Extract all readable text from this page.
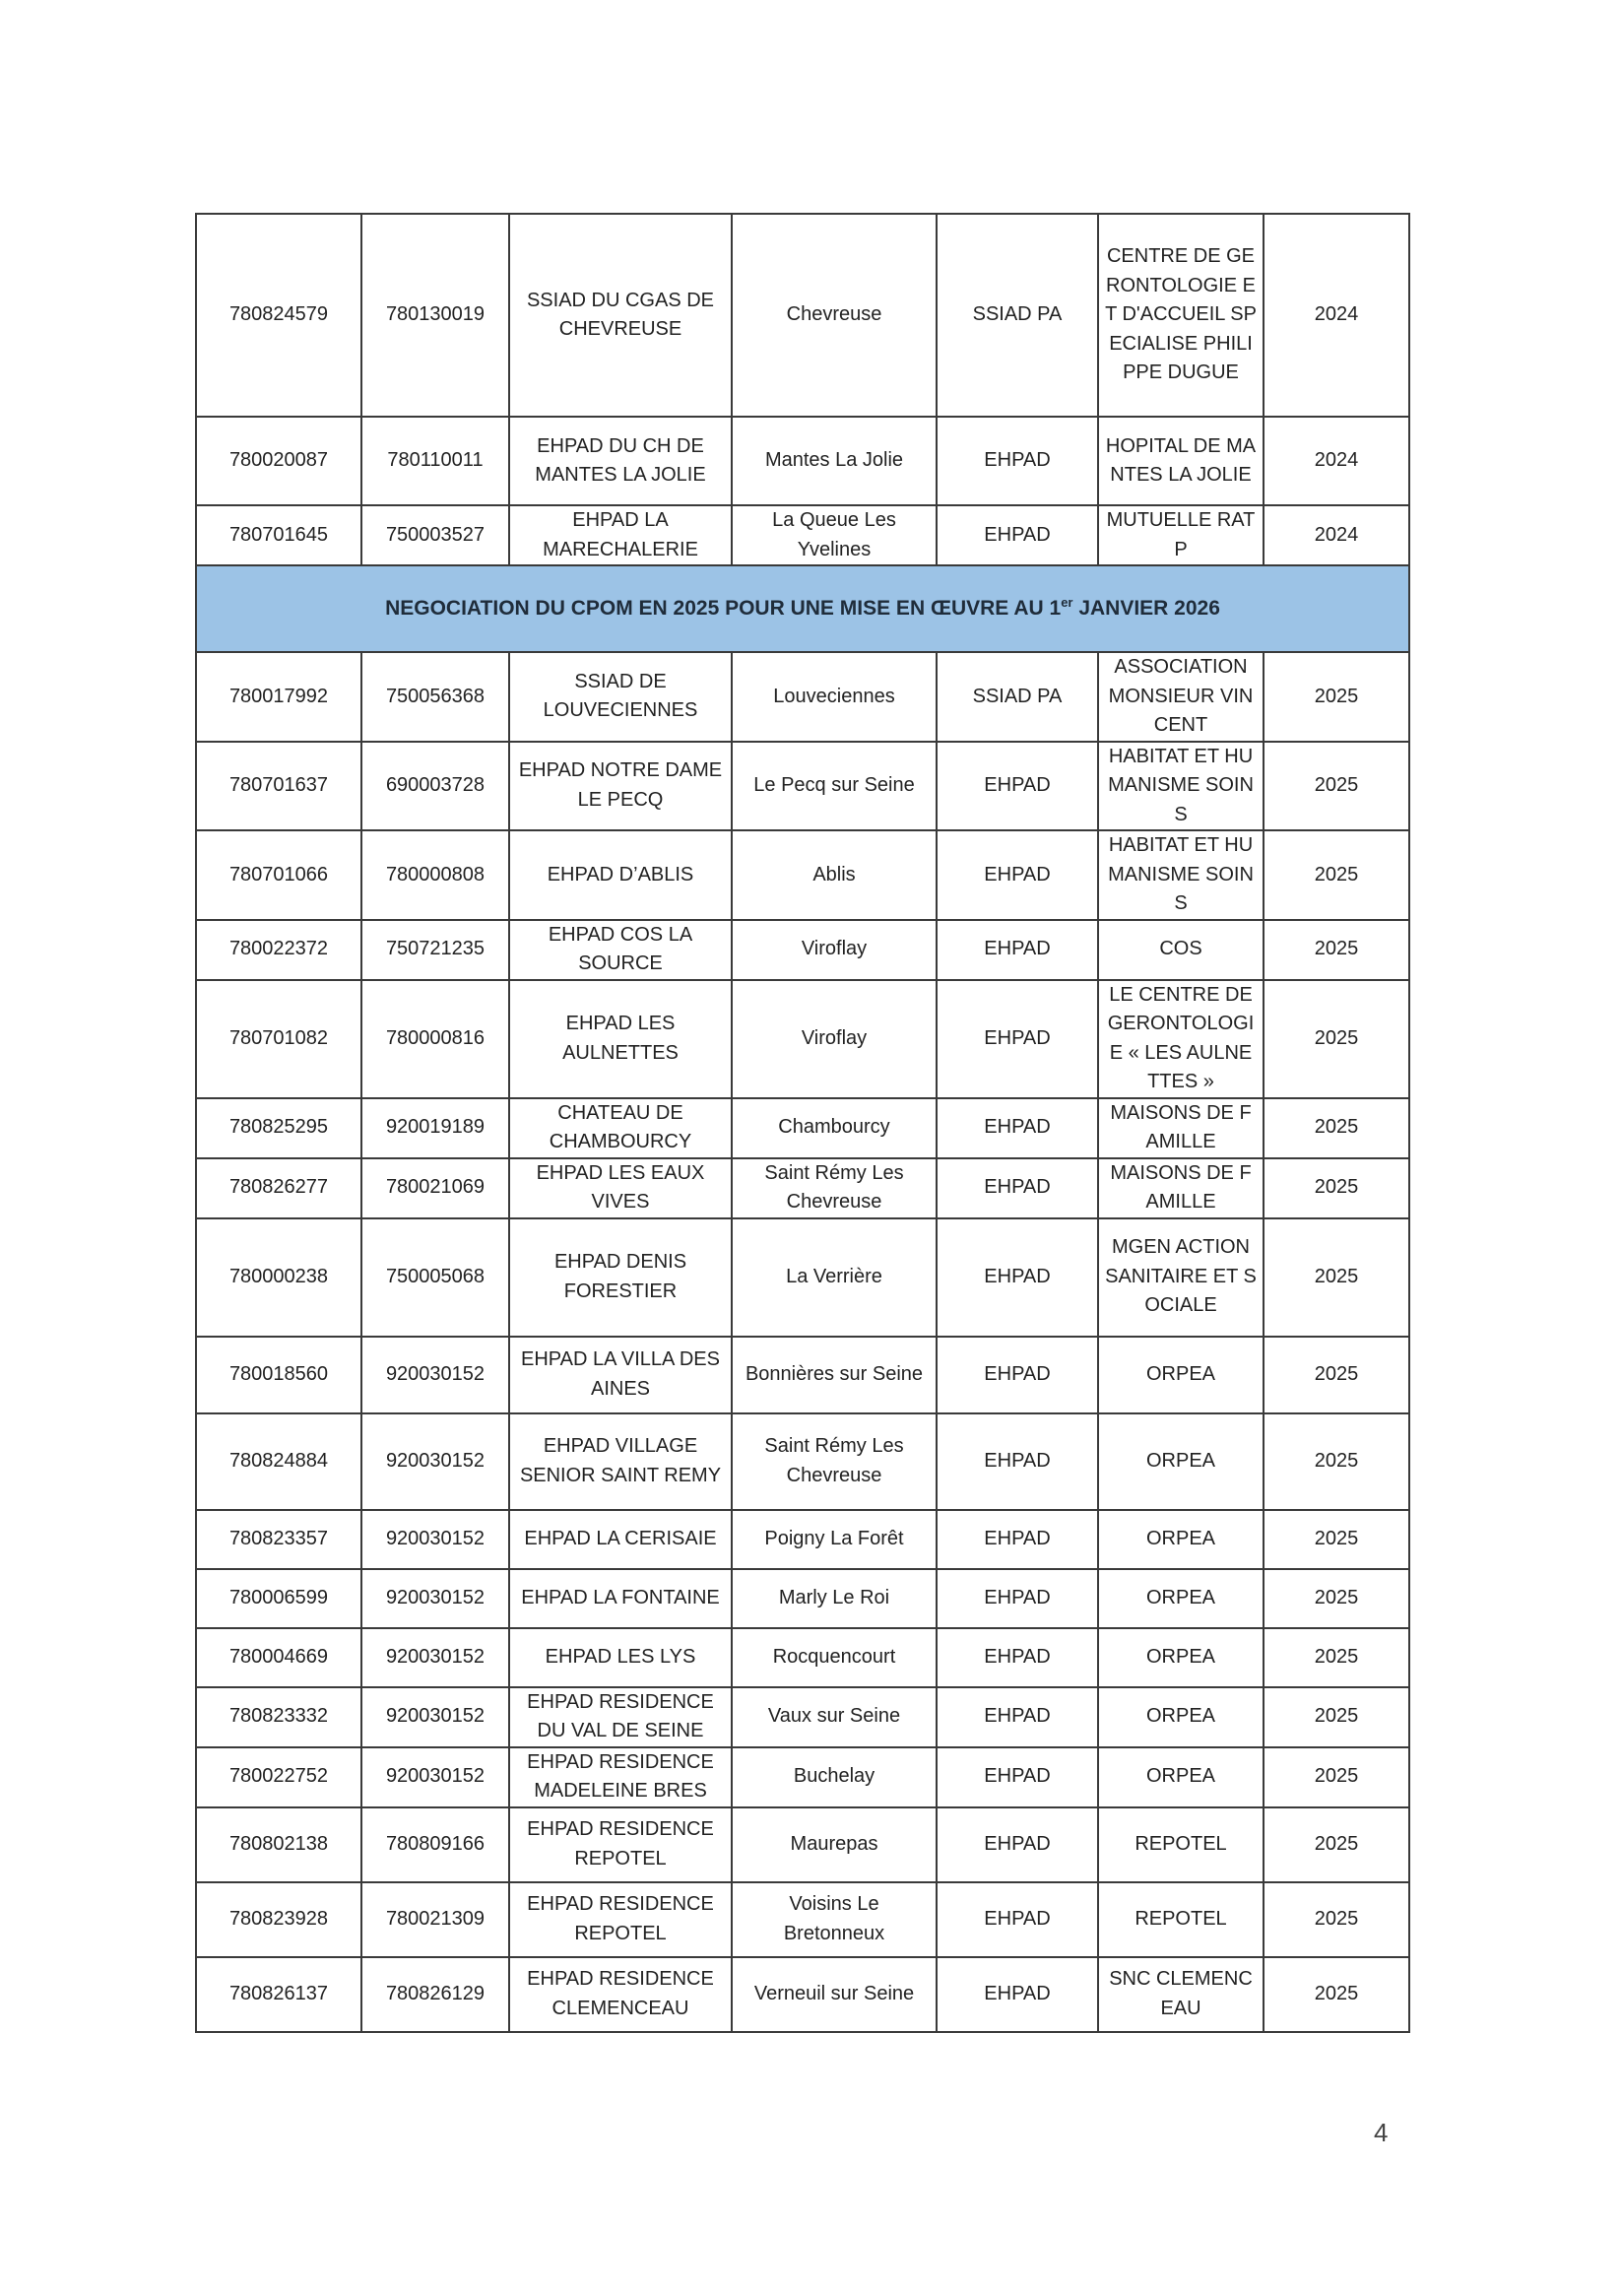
780824579	780130019	SSIAD DU CGAS DE CHEVREUSE	Chevreuse	SSIAD PA	CENTRE DE GERONTOLOGIE ET D'ACCUEIL SPECIALISE PHILIPPE DUGUE	2024
780020087	780110011	EHPAD DU CH DE MANTES LA JOLIE	Mantes La Jolie	EHPAD	HOPITAL DE MANTES LA JOLIE	2024
780701645	750003527	EHPAD LA MARECHALERIE	La Queue Les Yvelines	EHPAD	MUTUELLE RATP	2024
NEGOCIATION DU CPOM EN 2025 POUR UNE MISE EN ŒUVRE AU 1er JANVIER 2026						
780017992	750056368	SSIAD DE LOUVECIENNES	Louveciennes	SSIAD PA	ASSOCIATION MONSIEUR VINCENT	2025
780701637	690003728	EHPAD NOTRE DAME LE PECQ	Le Pecq sur Seine	EHPAD	HABITAT ET HUMANISME SOINS	2025
780701066	780000808	EHPAD D’ABLIS	Ablis	EHPAD	HABITAT ET HUMANISME SOINS	2025
780022372	750721235	EHPAD COS LA SOURCE	Viroflay	EHPAD	COS	2025
780701082	780000816	EHPAD LES AULNETTES	Viroflay	EHPAD	LE CENTRE DE GERONTOLOGIE « LES AULNETTES »	2025
780825295	920019189	CHATEAU DE CHAMBOURCY	Chambourcy	EHPAD	MAISONS DE FAMILLE	2025
780826277	780021069	EHPAD LES EAUX VIVES	Saint Rémy Les Chevreuse	EHPAD	MAISONS DE FAMILLE	2025
780000238	750005068	EHPAD DENIS FORESTIER	La Verrière	EHPAD	MGEN ACTION SANITAIRE ET SOCIALE	2025
780018560	920030152	EHPAD LA VILLA DES AINES	Bonnières sur Seine	EHPAD	ORPEA	2025
780824884	920030152	EHPAD VILLAGE SENIOR SAINT REMY	Saint Rémy Les Chevreuse	EHPAD	ORPEA	2025
780823357	920030152	EHPAD LA CERISAIE	Poigny La Forêt	EHPAD	ORPEA	2025
780006599	920030152	EHPAD LA FONTAINE	Marly Le Roi	EHPAD	ORPEA	2025
780004669	920030152	EHPAD LES LYS	Rocquencourt	EHPAD	ORPEA	2025
780823332	920030152	EHPAD RESIDENCE DU VAL DE SEINE	Vaux sur Seine	EHPAD	ORPEA	2025
780022752	920030152	EHPAD RESIDENCE MADELEINE BRES	Buchelay	EHPAD	ORPEA	2025
780802138	780809166	EHPAD RESIDENCE REPOTEL	Maurepas	EHPAD	REPOTEL	2025
780823928	780021309	EHPAD RESIDENCE REPOTEL	Voisins Le Bretonneux	EHPAD	REPOTEL	2025
780826137	780826129	EHPAD RESIDENCE CLEMENCEAU	Verneuil sur Seine	EHPAD	SNC CLEMENCEAU	2025
4
